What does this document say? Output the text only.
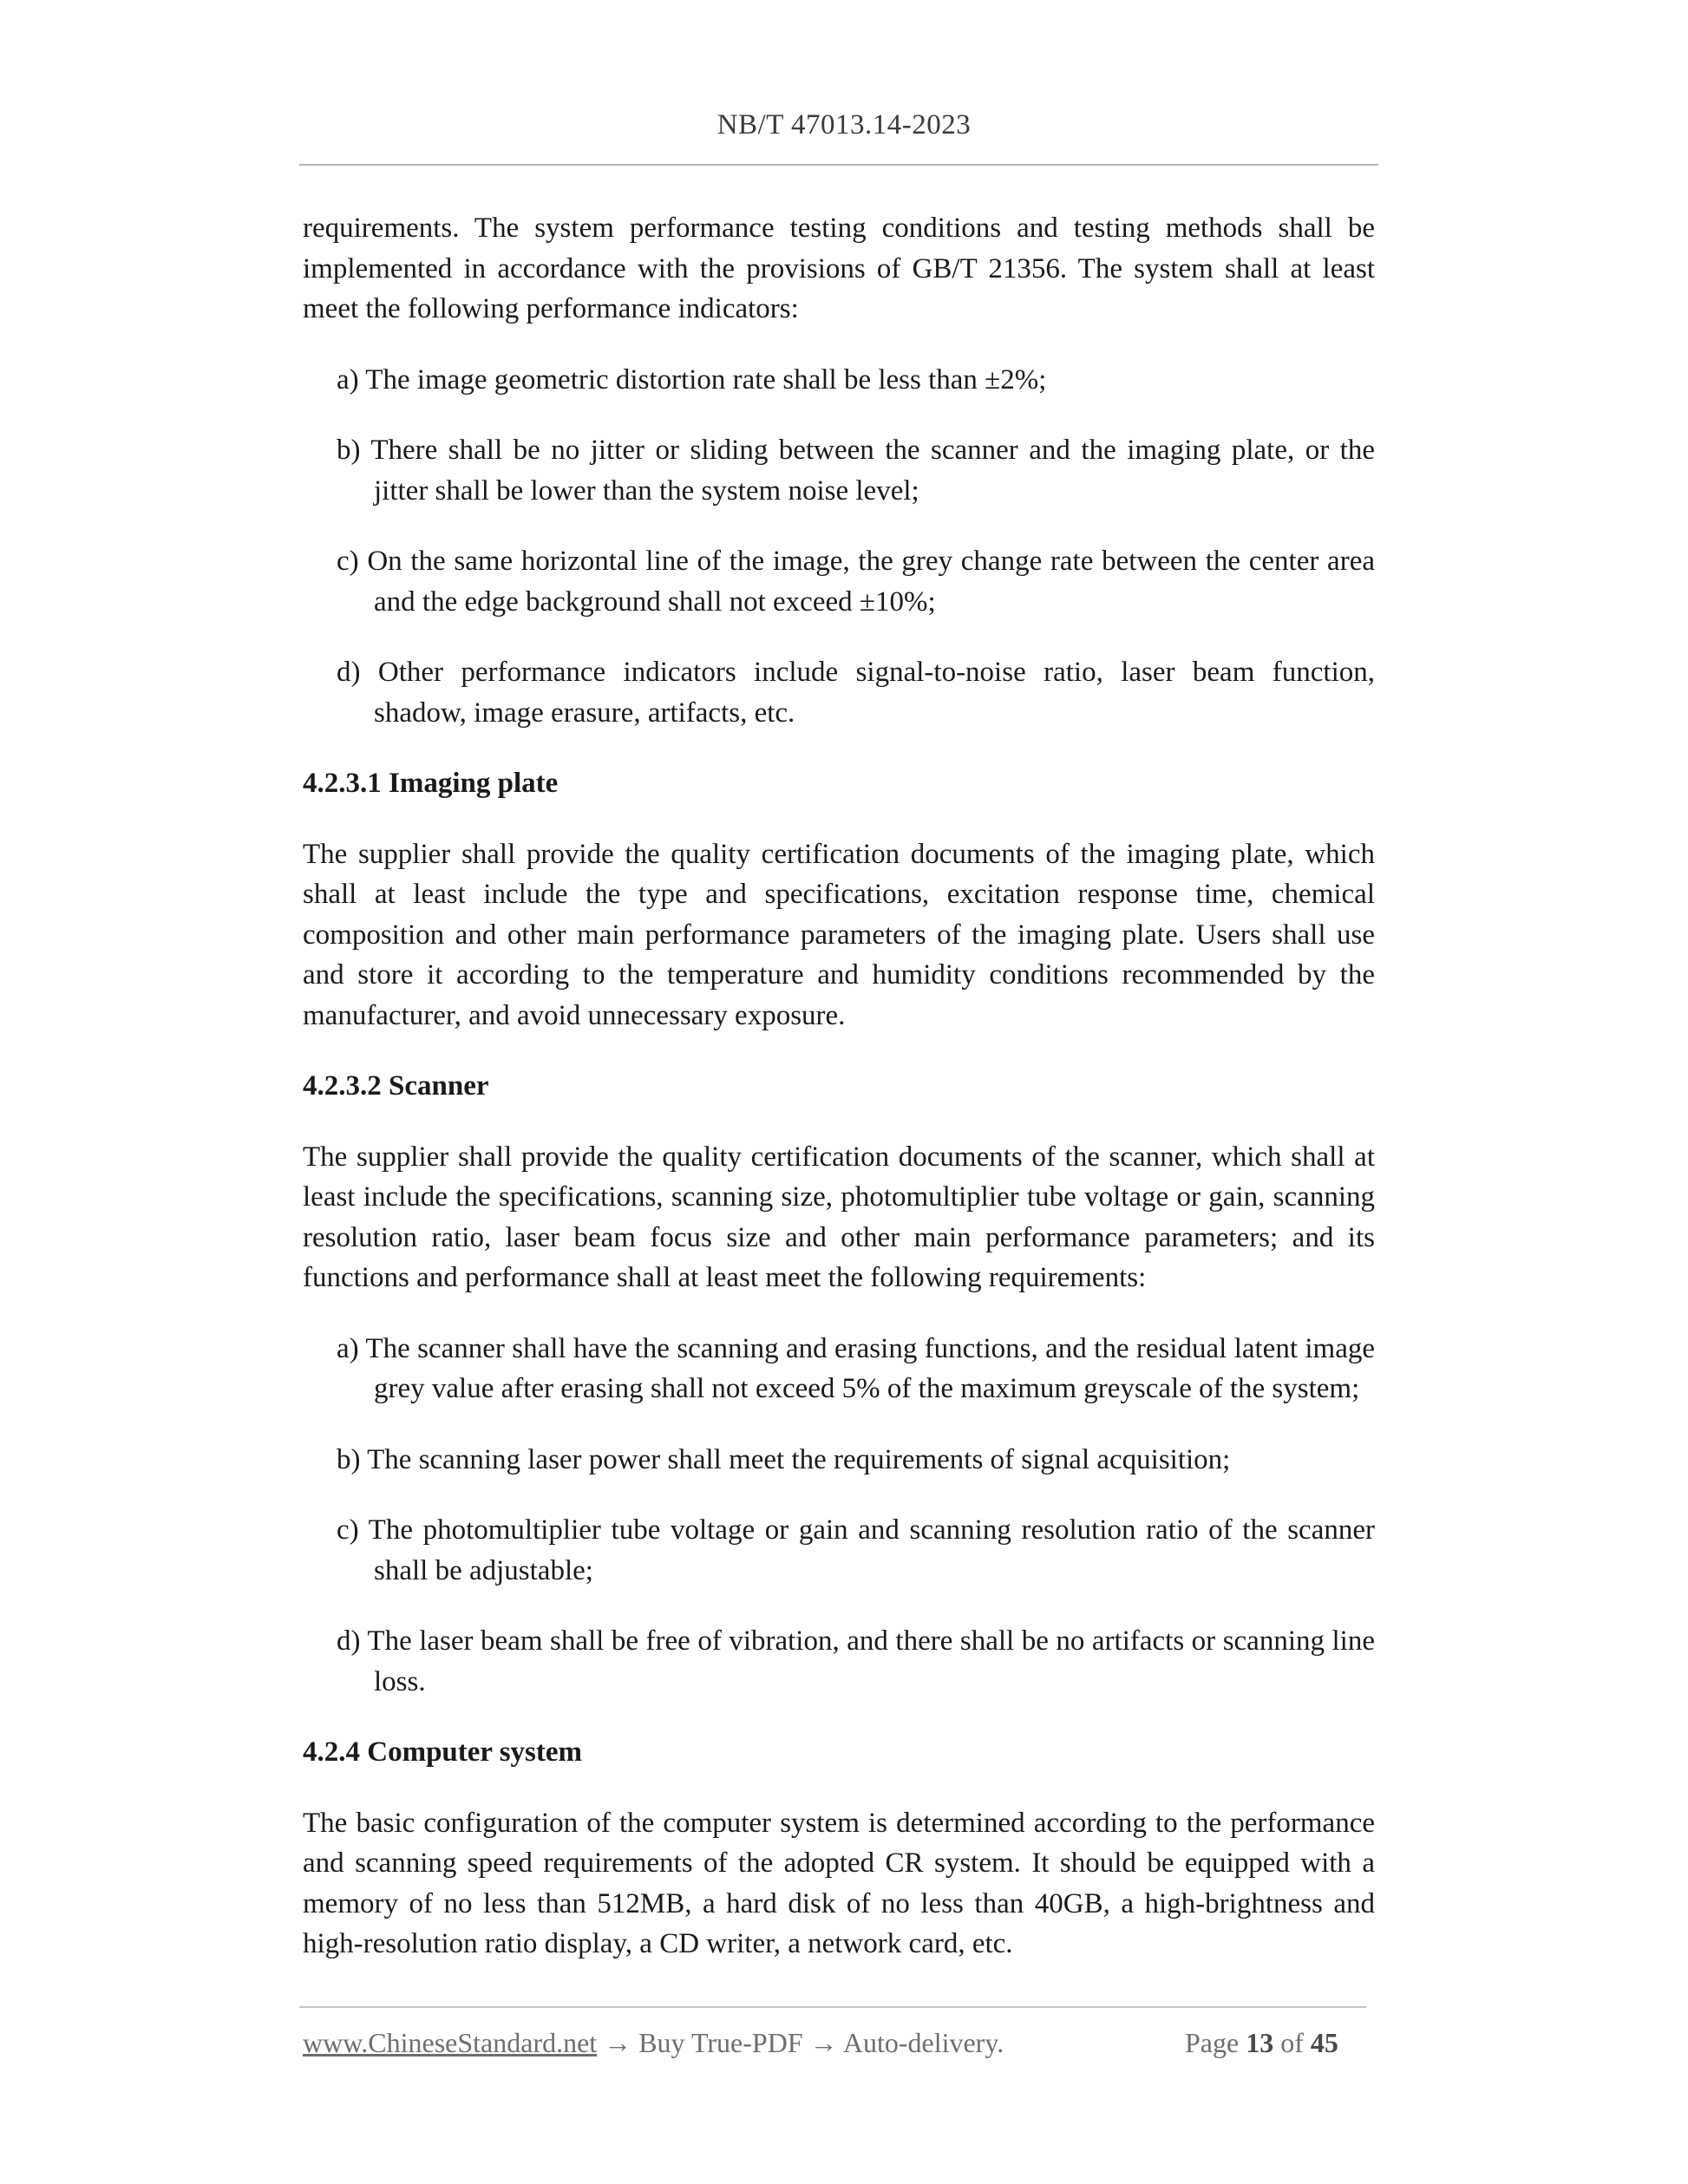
NB/T 47013.14-2023

requirements. The system performance testing conditions and testing methods shall be implemented in accordance with the provisions of GB/T 21356. The system shall at least meet the following performance indicators:

a) The image geometric distortion rate shall be less than ±2%;

b) There shall be no jitter or sliding between the scanner and the imaging plate, or the jitter shall be lower than the system noise level;

c) On the same horizontal line of the image, the grey change rate between the center area and the edge background shall not exceed ±10%;

d) Other performance indicators include signal-to-noise ratio, laser beam function, shadow, image erasure, artifacts, etc.

4.2.3.1 Imaging plate

The supplier shall provide the quality certification documents of the imaging plate, which shall at least include the type and specifications, excitation response time, chemical composition and other main performance parameters of the imaging plate. Users shall use and store it according to the temperature and humidity conditions recommended by the manufacturer, and avoid unnecessary exposure.

4.2.3.2 Scanner

The supplier shall provide the quality certification documents of the scanner, which shall at least include the specifications, scanning size, photomultiplier tube voltage or gain, scanning resolution ratio, laser beam focus size and other main performance parameters; and its functions and performance shall at least meet the following requirements:

a) The scanner shall have the scanning and erasing functions, and the residual latent image grey value after erasing shall not exceed 5% of the maximum greyscale of the system;

b) The scanning laser power shall meet the requirements of signal acquisition;

c) The photomultiplier tube voltage or gain and scanning resolution ratio of the scanner shall be adjustable;

d) The laser beam shall be free of vibration, and there shall be no artifacts or scanning line loss.

4.2.4 Computer system

The basic configuration of the computer system is determined according to the performance and scanning speed requirements of the adopted CR system. It should be equipped with a memory of no less than 512MB, a hard disk of no less than 40GB, a high-brightness and high-resolution ratio display, a CD writer, a network card, etc.

www.ChineseStandard.net → Buy True-PDF → Auto-delivery.	Page 13 of 45
